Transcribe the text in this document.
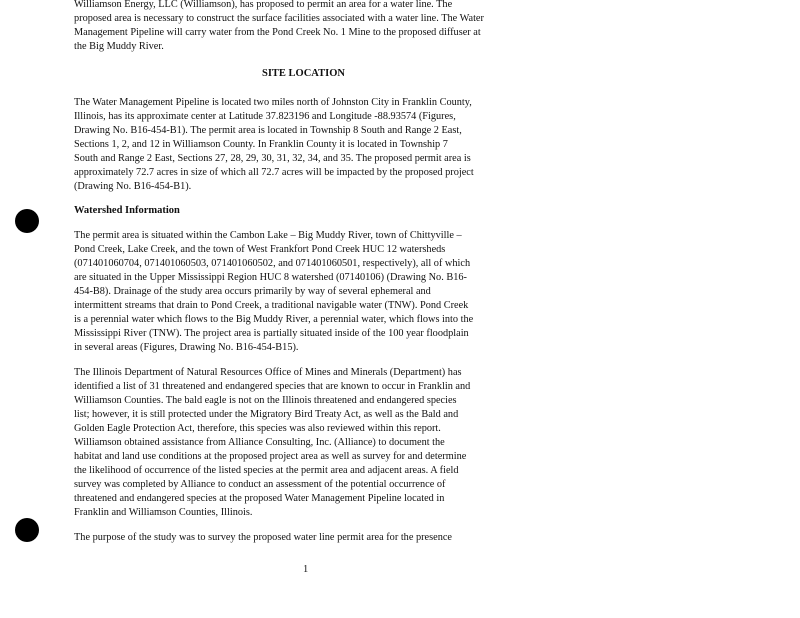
Williamson Energy, LLC (Williamson), has proposed to permit an area for a water line. The
proposed area is necessary to construct the surface facilities associated with a water line. The Water
Management Pipeline will carry water from the Pond Creek No. 1 Mine to the proposed diffuser at
the Big Muddy River.
SITE LOCATION
The Water Management Pipeline is located two miles north of Johnston City in Franklin County,
Illinois, has its approximate center at Latitude 37.823196 and Longitude -88.93574 (Figures,
Drawing No. B16-454-B1). The permit area is located in Township 8 South and Range 2 East,
Sections 1, 2, and 12 in Williamson County. In Franklin County it is located in Township 7
South and Range 2 East, Sections 27, 28, 29, 30, 31, 32, 34, and 35. The proposed permit area is
approximately 72.7 acres in size of which all 72.7 acres will be impacted by the proposed project
(Drawing No. B16-454-B1).
Watershed Information
The permit area is situated within the Cambon Lake – Big Muddy River, town of Chittyville –
Pond Creek, Lake Creek, and the town of West Frankfort Pond Creek HUC 12 watersheds
(071401060704, 071401060503, 071401060502, and 071401060501, respectively), all of which
are situated in the Upper Mississippi Region HUC 8 watershed (07140106) (Drawing No. B16-
454-B8). Drainage of the study area occurs primarily by way of several ephemeral and
intermittent streams that drain to Pond Creek, a traditional navigable water (TNW). Pond Creek
is a perennial water which flows to the Big Muddy River, a perennial water, which flows into the
Mississippi River (TNW). The project area is partially situated inside of the 100 year floodplain
in several areas (Figures, Drawing No. B16-454-B15).
The Illinois Department of Natural Resources Office of Mines and Minerals (Department) has
identified a list of 31 threatened and endangered species that are known to occur in Franklin and
Williamson Counties. The bald eagle is not on the Illinois threatened and endangered species
list; however, it is still protected under the Migratory Bird Treaty Act, as well as the Bald and
Golden Eagle Protection Act, therefore, this species was also reviewed within this report.
Williamson obtained assistance from Alliance Consulting, Inc. (Alliance) to document the
habitat and land use conditions at the proposed project area as well as survey for and determine
the likelihood of occurrence of the listed species at the permit area and adjacent areas. A field
survey was completed by Alliance to conduct an assessment of the potential occurrence of
threatened and endangered species at the proposed Water Management Pipeline located in
Franklin and Williamson Counties, Illinois.
The purpose of the study was to survey the proposed water line permit area for the presence
1
